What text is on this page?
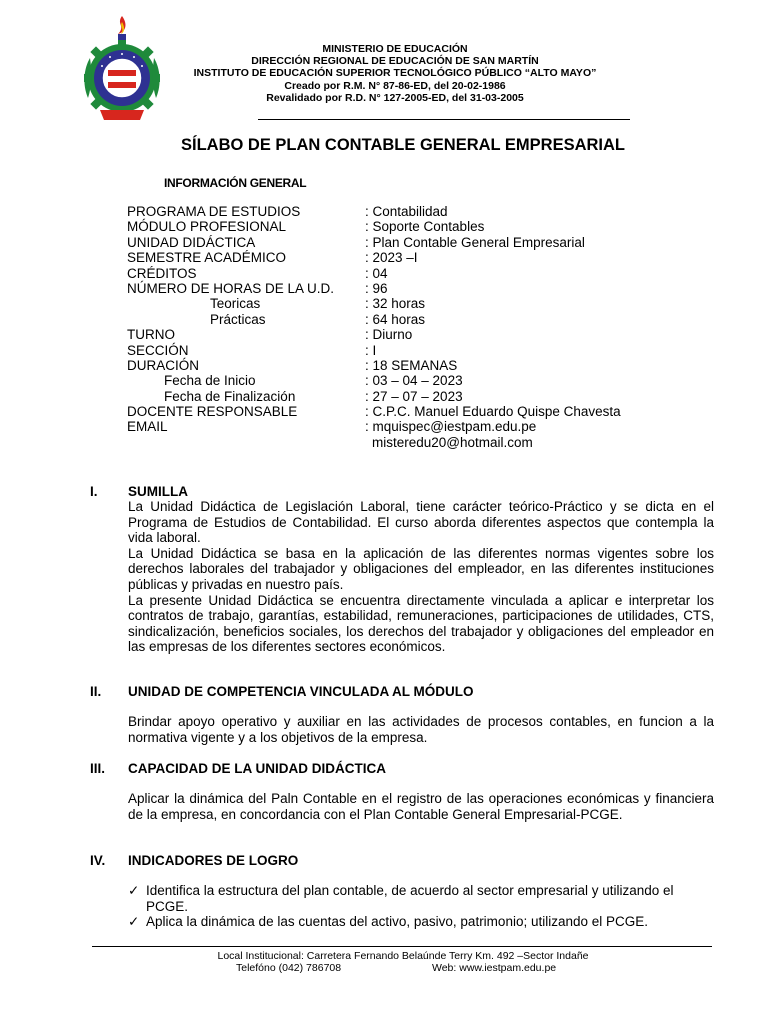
MINISTERIO DE EDUCACIÓN
DIRECCIÓN REGIONAL DE EDUCACIÓN DE SAN MARTÍN
INSTITUTO DE EDUCACIÓN SUPERIOR TECNOLÓGICO PÚBLICO “ALTO MAYO”
Creado por R.M. N° 87-86-ED, del 20-02-1986
Revalidado por R.D. N° 127-2005-ED, del 31-03-2005
SÍLABO DE PLAN CONTABLE GENERAL EMPRESARIAL
INFORMACIÓN GENERAL
PROGRAMA DE ESTUDIOS	: Contabilidad
MÓDULO PROFESIONAL	: Soporte Contables
UNIDAD DIDÁCTICA	: Plan Contable General Empresarial
SEMESTRE ACADÉMICO	: 2023 –I
CRÉDITOS	: 04
NÚMERO DE HORAS DE LA U.D.	: 96
Teoricas	: 32 horas
Prácticas	: 64 horas
TURNO	: Diurno
SECCIÓN	: I
DURACIÓN	: 18 SEMANAS
Fecha de Inicio	: 03 – 04 – 2023
Fecha de Finalización	: 27 – 07 – 2023
DOCENTE RESPONSABLE	: C.P.C. Manuel Eduardo Quispe Chavesta
EMAIL	: mquispec@iestpam.edu.pe
misteredu20@hotmail.com
I. SUMILLA
La Unidad Didáctica de Legislación Laboral, tiene carácter teórico-Práctico y se dicta en el Programa de Estudios de Contabilidad. El curso aborda diferentes aspectos que contempla la vida laboral.
La Unidad Didáctica se basa en la aplicación de las diferentes normas vigentes sobre los derechos laborales del trabajador y obligaciones del empleador, en las diferentes instituciones públicas y privadas en nuestro país.
La presente Unidad Didáctica se encuentra directamente vinculada a aplicar e interpretar los contratos de trabajo, garantías, estabilidad, remuneraciones, participaciones de utilidades, CTS, sindicalización, beneficios sociales, los derechos del trabajador y obligaciones del empleador en las empresas de los diferentes sectores económicos.
II. UNIDAD DE COMPETENCIA VINCULADA AL MÓDULO
Brindar apoyo operativo y auxiliar en las actividades de procesos contables, en funcion a la normativa vigente y a los objetivos de la empresa.
III. CAPACIDAD DE LA UNIDAD DIDÁCTICA
Aplicar la dinámica del Paln Contable en el registro de las operaciones económicas y financiera de la empresa, en concordancia con el Plan Contable General Empresarial-PCGE.
IV. INDICADORES DE LOGRO
✓ Identifica la estructura del plan contable, de acuerdo al sector empresarial y utilizando el PCGE.
✓ Aplica la dinámica de las cuentas del activo, pasivo, patrimonio; utilizando el PCGE.
Local Institucional: Carretera Fernando Belaúnde Terry Km. 492 –Sector Indañe
Telefóno (042) 786708	Web: www.iestpam.edu.pe
